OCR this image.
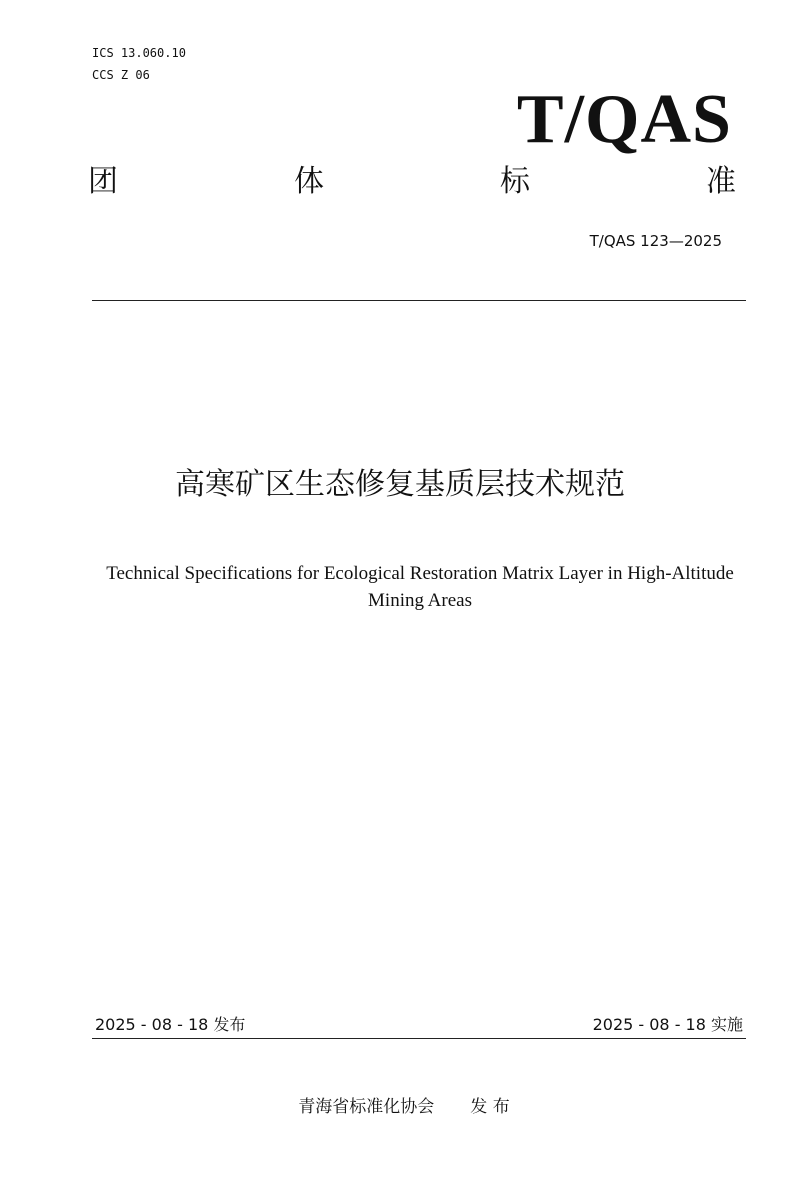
ICS 13.060.10
CCS Z 06
T/QAS
团	体	标	准
T/QAS 123—2025
高寒矿区生态修复基质层技术规范
Technical Specifications for Ecological Restoration Matrix Layer in High-Altitude
Mining Areas
2025 - 08 - 18 发布	2025 - 08 - 18 实施
青海省标准化协会 发 布
